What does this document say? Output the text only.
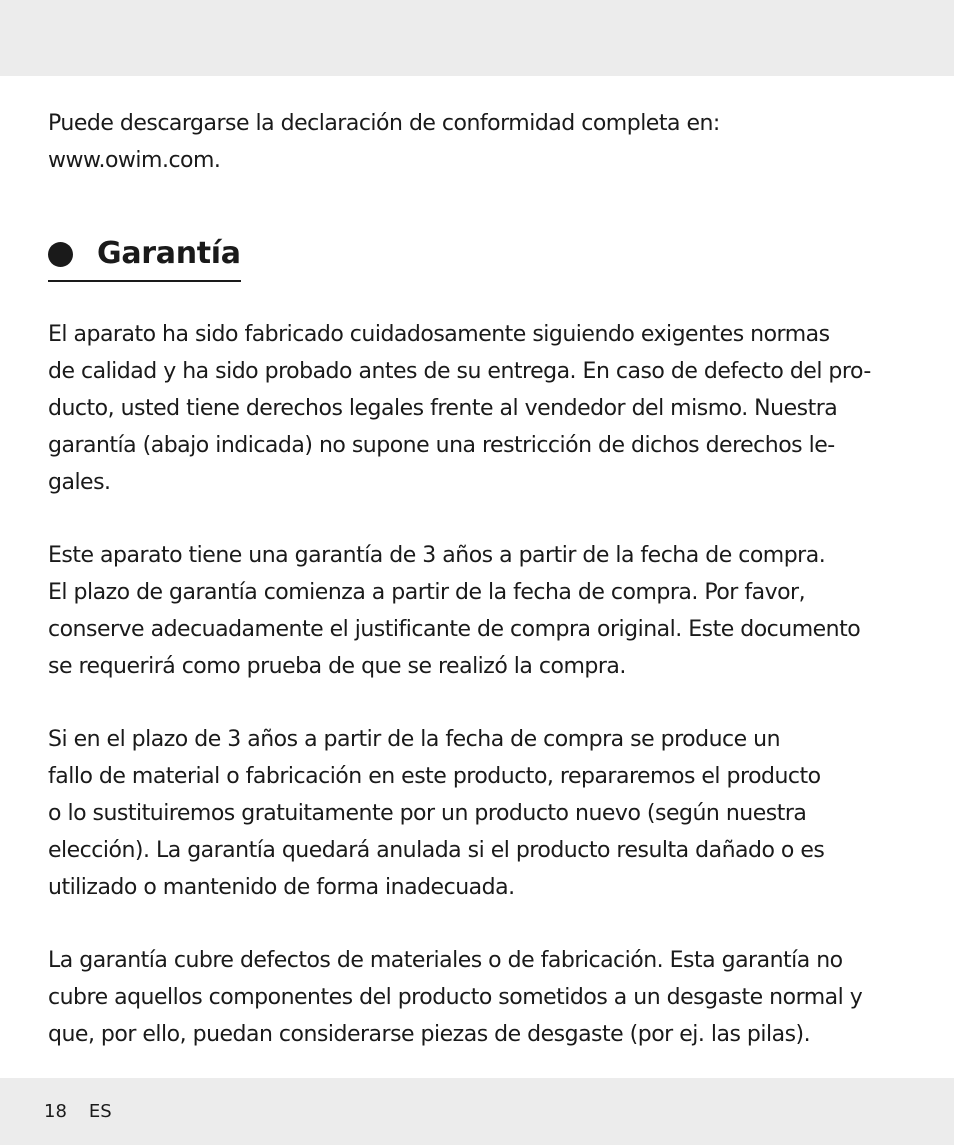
Puede descargarse la declaración de conformidad completa en:
www.owim.com.

Garantía

El aparato ha sido fabricado cuidadosamente siguiendo exigentes normas
de calidad y ha sido probado antes de su entrega. En caso de defecto del pro-
ducto, usted tiene derechos legales frente al vendedor del mismo. Nuestra
garantía (abajo indicada) no supone una restricción de dichos derechos le-
gales.

Este aparato tiene una garantía de 3 años a partir de la fecha de compra.
El plazo de garantía comienza a partir de la fecha de compra. Por favor,
conserve adecuadamente el justificante de compra original. Este documento
se requerirá como prueba de que se realizó la compra.

Si en el plazo de 3 años a partir de la fecha de compra se produce un
fallo de material o fabricación en este producto, repararemos el producto
o lo sustituiremos gratuitamente por un producto nuevo (según nuestra
elección). La garantía quedará anulada si el producto resulta dañado o es
utilizado o mantenido de forma inadecuada.

La garantía cubre defectos de materiales o de fabricación. Esta garantía no
cubre aquellos componentes del producto sometidos a un desgaste normal y
que, por ello, puedan considerarse piezas de desgaste (por ej. las pilas).

18 ES
